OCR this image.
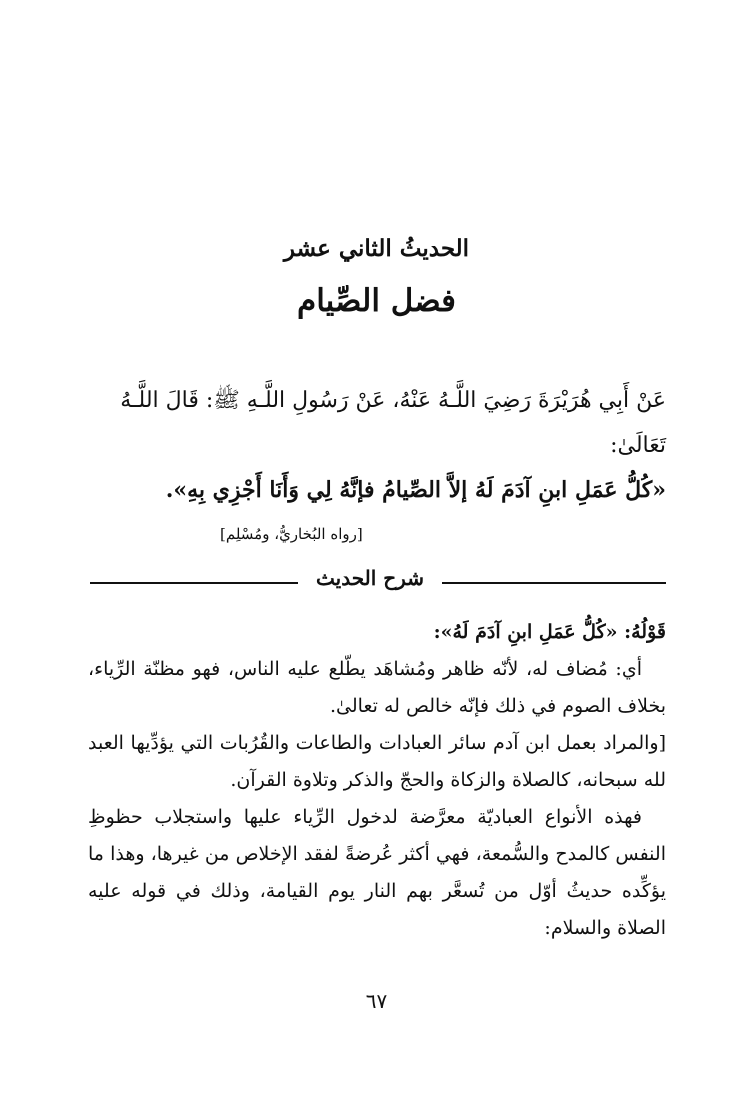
الحديثُ الثاني عشر
فضل الصِّيام

عَنْ أَبِي هُرَيْرَةَ رَضِيَ اللَّـهُ عَنْهُ، عَنْ رَسُولِ اللَّـهِ ﷺ: قَالَ اللَّـهُ

تَعَالَىٰ:

«كُلُّ عَمَلِ ابنِ آدَمَ لَهُ إلاَّ الصِّيامُ فإنَّهُ لِي وَأَنَا أَجْزِي بِهِ».
[رواه البُخاريُّ، ومُسْلِم]
شرح الحديث

قَوْلُهُ: «كُلُّ عَمَلِ ابنِ آدَمَ لَهُ»:

أي: مُضاف له، لأنّه ظاهر ومُشاهَد يطّلع عليه الناس، فهو مظنّة الرِّياء، بخلاف الصوم في ذلك فإنّه خالص له تعالىٰ.

[والمراد بعمل ابن آدم سائر العبادات والطاعات والقُرُبات التي يؤدِّيها العبد لله سبحانه، كالصلاة والزكاة والحجّ والذكر وتلاوة القرآن.

فهذه الأنواع العباديّة معرَّضة لدخول الرِّياء عليها واستجلاب حظوظِ النفس كالمدح والسُّمعة، فهي أكثر عُرضةً لفقد الإخلاص من غيرها، وهذا ما يؤكِّده حديثُ أوّل من تُسعَّر بهم النار يوم القيامة، وذلك في قوله عليه الصلاة والسلام:

٦٧
